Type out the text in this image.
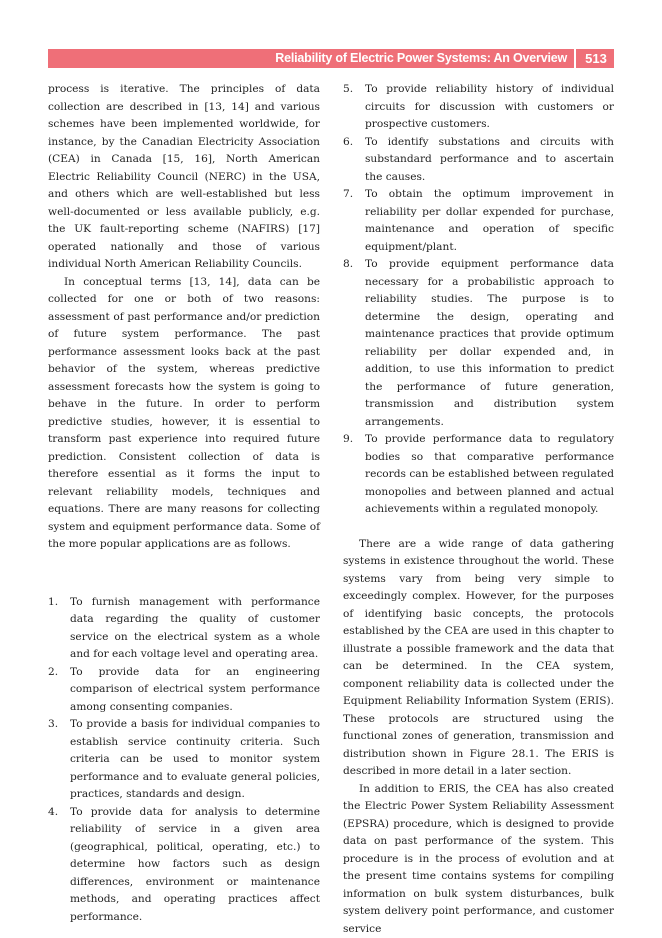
Reliability of Electric Power Systems: An Overview	513

process is iterative. The principles of data collection are described in [13, 14] and various schemes have been implemented worldwide, for instance, by the Canadian Electricity Association (CEA) in Canada [15, 16], North American Electric Reliability Council (NERC) in the USA, and others which are well-established but less well-documented or less available publicly, e.g. the UK fault-reporting scheme (NAFIRS) [17] operated nationally and those of various individual North American Reliability Councils.

In conceptual terms [13, 14], data can be collected for one or both of two reasons: assessment of past performance and/or prediction of future system performance. The past performance assessment looks back at the past behavior of the system, whereas predictive assessment forecasts how the system is going to behave in the future. In order to perform predictive studies, however, it is essential to transform past experience into required future prediction. Consistent collection of data is therefore essential as it forms the input to relevant reliability models, techniques and equations. There are many reasons for collecting system and equipment performance data. Some of the more popular applications are as follows.

1. To furnish management with performance data regarding the quality of customer service on the electrical system as a whole and for each voltage level and operating area.
2. To provide data for an engineering comparison of electrical system performance among consenting companies.
3. To provide a basis for individual companies to establish service continuity criteria. Such criteria can be used to monitor system performance and to evaluate general policies, practices, standards and design.
4. To provide data for analysis to determine reliability of service in a given area (geographical, political, operating, etc.) to determine how factors such as design differences, environment or maintenance methods, and operating practices affect performance.
5. To provide reliability history of individual circuits for discussion with customers or prospective customers.
6. To identify substations and circuits with substandard performance and to ascertain the causes.
7. To obtain the optimum improvement in reliability per dollar expended for purchase, maintenance and operation of specific equipment/plant.
8. To provide equipment performance data necessary for a probabilistic approach to reliability studies. The purpose is to determine the design, operating and maintenance practices that provide optimum reliability per dollar expended and, in addition, to use this information to predict the performance of future generation, transmission and distribution system arrangements.
9. To provide performance data to regulatory bodies so that comparative performance records can be established between regulated monopolies and between planned and actual achievements within a regulated monopoly.

There are a wide range of data gathering systems in existence throughout the world. These systems vary from being very simple to exceedingly complex. However, for the purposes of identifying basic concepts, the protocols established by the CEA are used in this chapter to illustrate a possible framework and the data that can be determined. In the CEA system, component reliability data is collected under the Equipment Reliability Information System (ERIS). These protocols are structured using the functional zones of generation, transmission and distribution shown in Figure 28.1. The ERIS is described in more detail in a later section.

In addition to ERIS, the CEA has also created the Electric Power System Reliability Assessment (EPSRA) procedure, which is designed to provide data on past performance of the system. This procedure is in the process of evolution and at the present time contains systems for compiling information on bulk system disturbances, bulk system delivery point performance, and customer service
